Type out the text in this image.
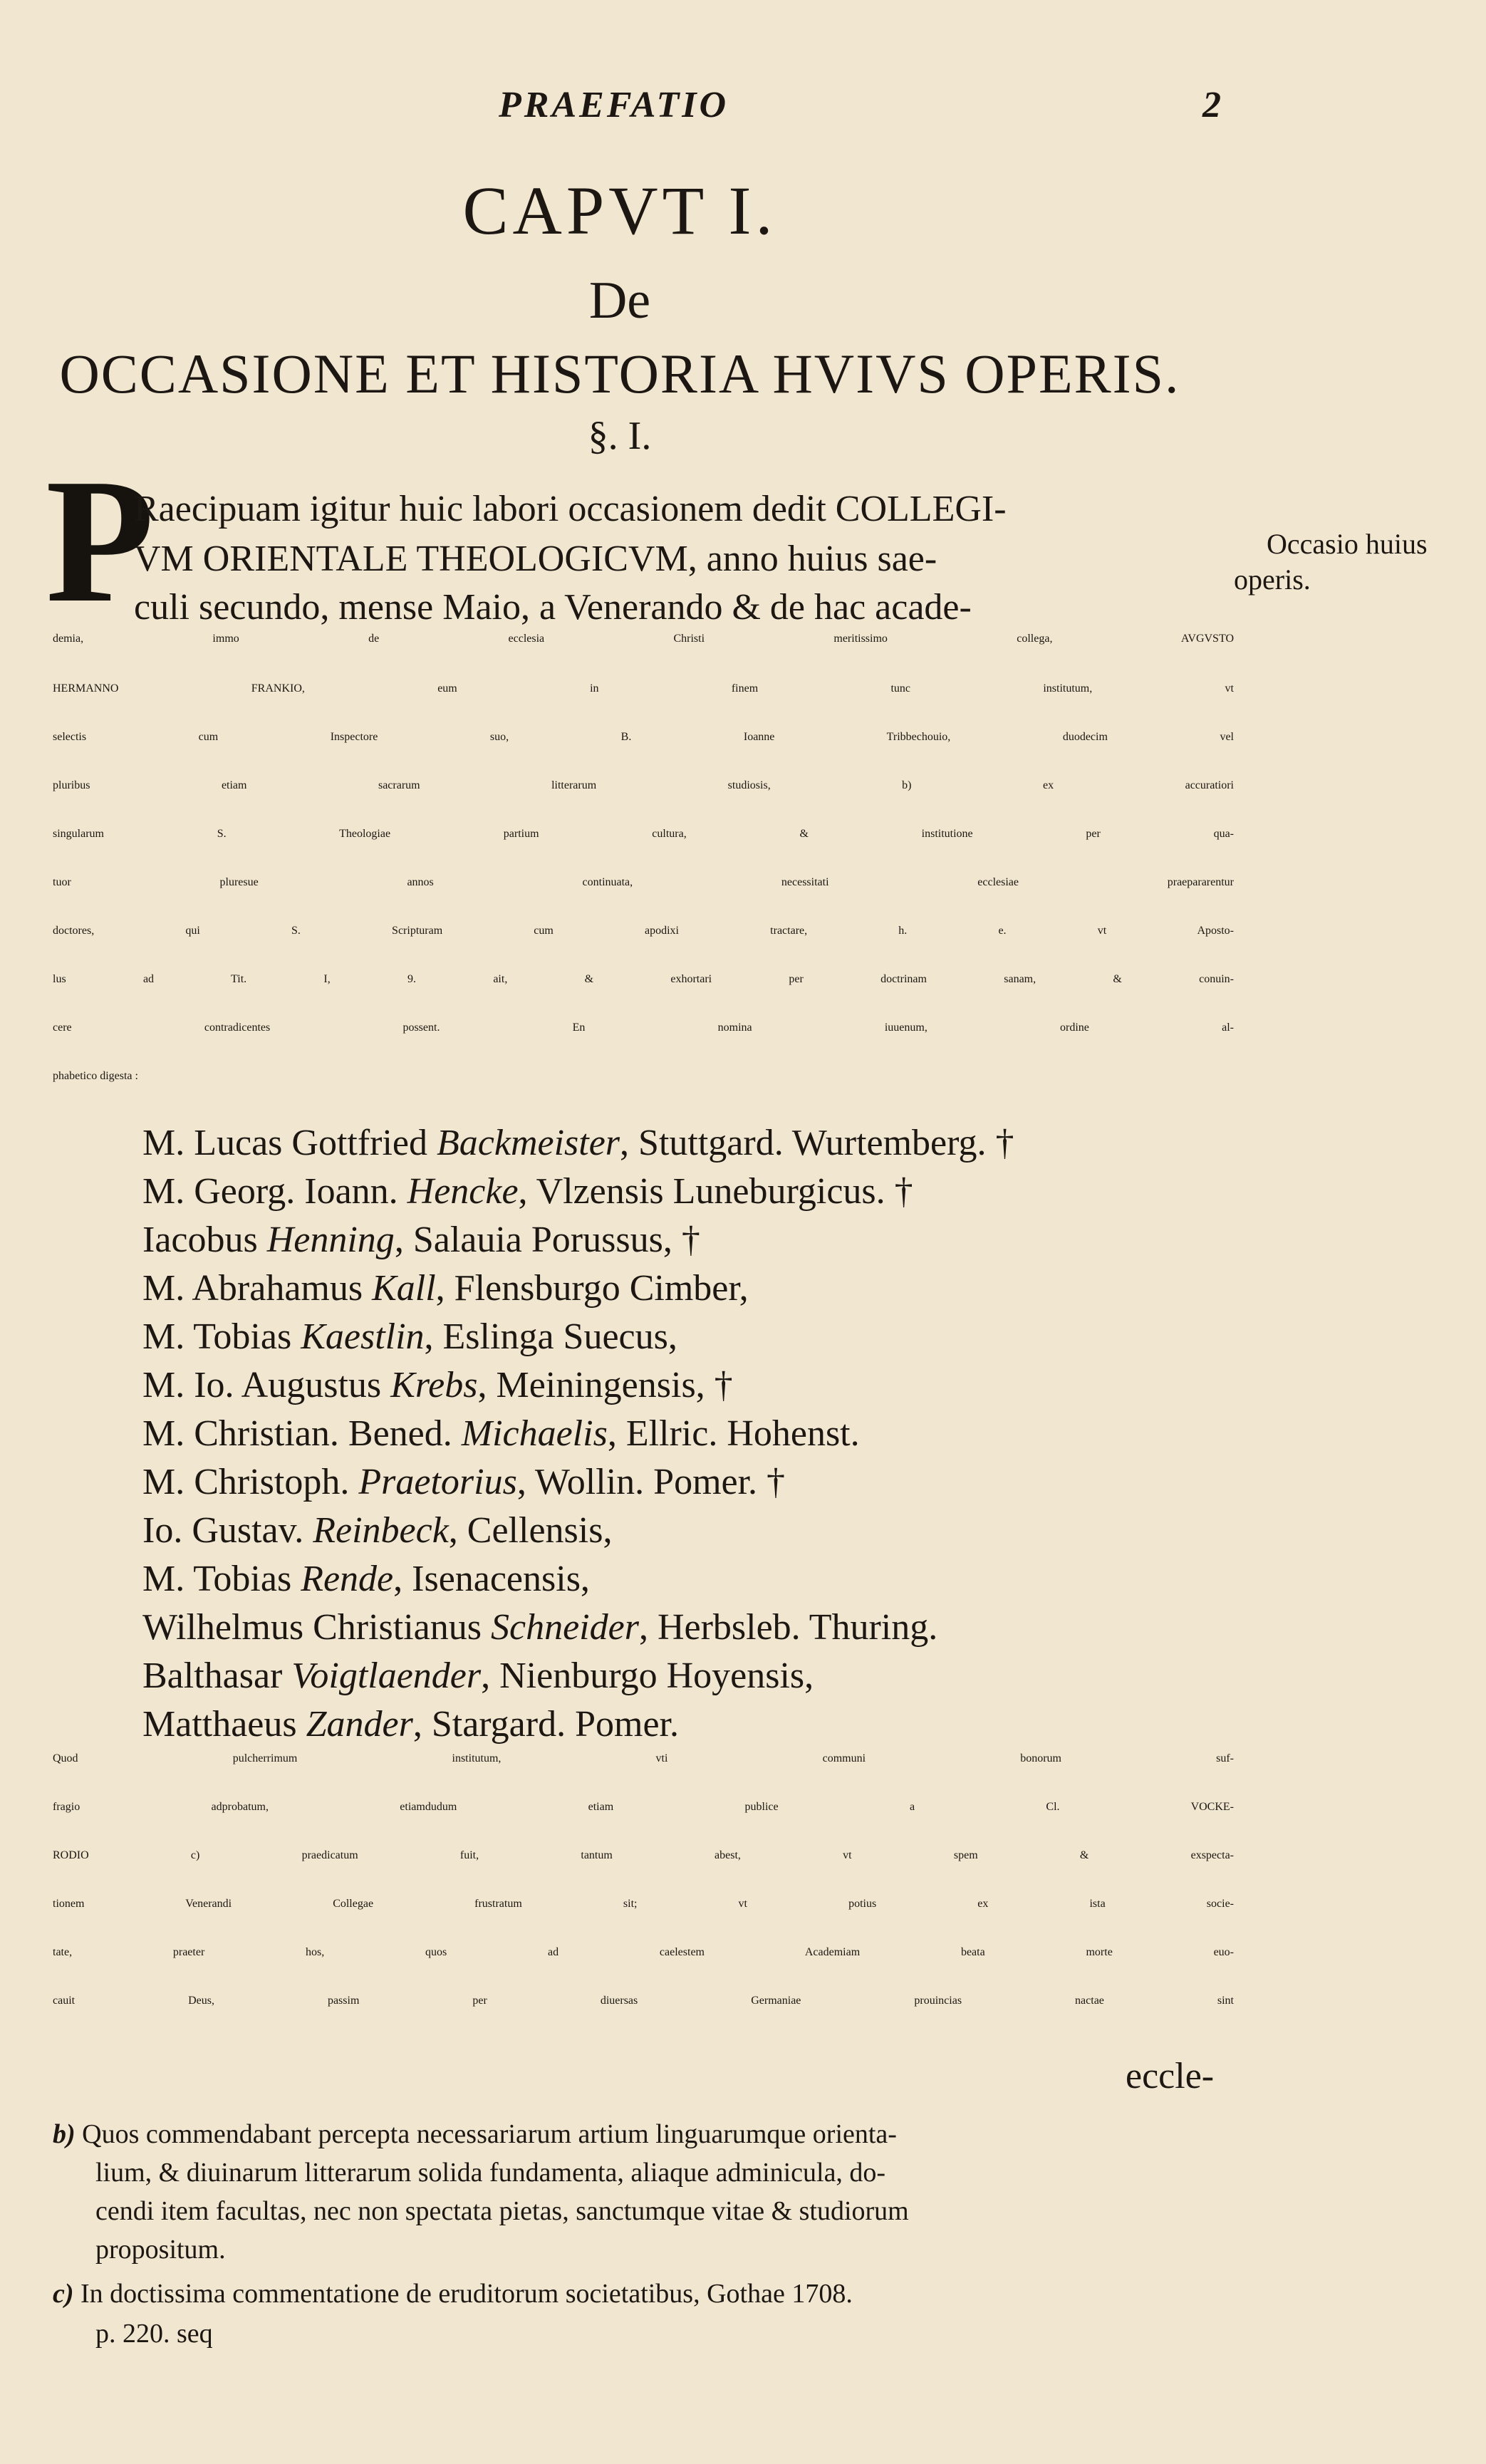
PRAEFATIO	2
CAPVT I.
De
OCCASIONE ET HISTORIA HVIVS OPERIS.
§. I.
P
Raecipuam igitur huic labori occasionem dedit COLLEGI-
VM ORIENTALE THEOLOGICVM, anno huius sae-
culi secundo, mense Maio, a Venerando & de hac acade-
Occasio huius
operis.
demia, immo de ecclesia Christi meritissimo collega, AVGVSTO
HERMANNO FRANKIO, eum in finem tunc institutum, vt
selectis cum Inspectore suo, B. Ioanne Tribbechouio, duodecim vel
pluribus etiam sacrarum litterarum studiosis, b) ex accuratiori
singularum S. Theologiae partium cultura, & institutione per qua-
tuor pluresue annos continuata, necessitati ecclesiae praepararentur
doctores, qui S. Scripturam cum apodixi tractare, h. e. vt Aposto-
lus ad Tit. I, 9. ait, & exhortari per doctrinam sanam, & conuin-
cere contradicentes possent. En nomina iuuenum, ordine al-
phabetico digesta :
M. Lucas Gottfried Backmeister, Stuttgard. Wurtemberg. †
M. Georg. Ioann. Hencke, Vlzensis Luneburgicus. †
Iacobus Henning, Salauia Porussus, †
M. Abrahamus Kall, Flensburgo Cimber,
M. Tobias Kaestlin, Eslinga Suecus,
M. Io. Augustus Krebs, Meiningensis, †
M. Christian. Bened. Michaelis, Ellric. Hohenst.
M. Christoph. Praetorius, Wollin. Pomer. †
Io. Gustav. Reinbeck, Cellensis,
M. Tobias Rende, Isenacensis,
Wilhelmus Christianus Schneider, Herbsleb. Thuring.
Balthasar Voigtlaender, Nienburgo Hoyensis,
Matthaeus Zander, Stargard. Pomer.
Quod pulcherrimum institutum, vti communi bonorum suf-
fragio adprobatum, etiamdudum etiam publice a Cl. VOCKE-
RODIO c) praedicatum fuit, tantum abest, vt spem & exspecta-
tionem Venerandi Collegae frustratum sit; vt potius ex ista socie-
tate, praeter hos, quos ad caelestem Academiam beata morte euo-
cauit Deus, passim per diuersas Germaniae prouincias nactae sint
eccle-
b) Quos commendabant percepta necessariarum artium linguarumque orienta-
lium, & diuinarum litterarum solida fundamenta, aliaque adminicula, do-
cendi item facultas, nec non spectata pietas, sanctumque vitae & studiorum
propositum.
c) In doctissima commentatione de eruditorum societatibus, Gothae 1708.
p. 220. seq
